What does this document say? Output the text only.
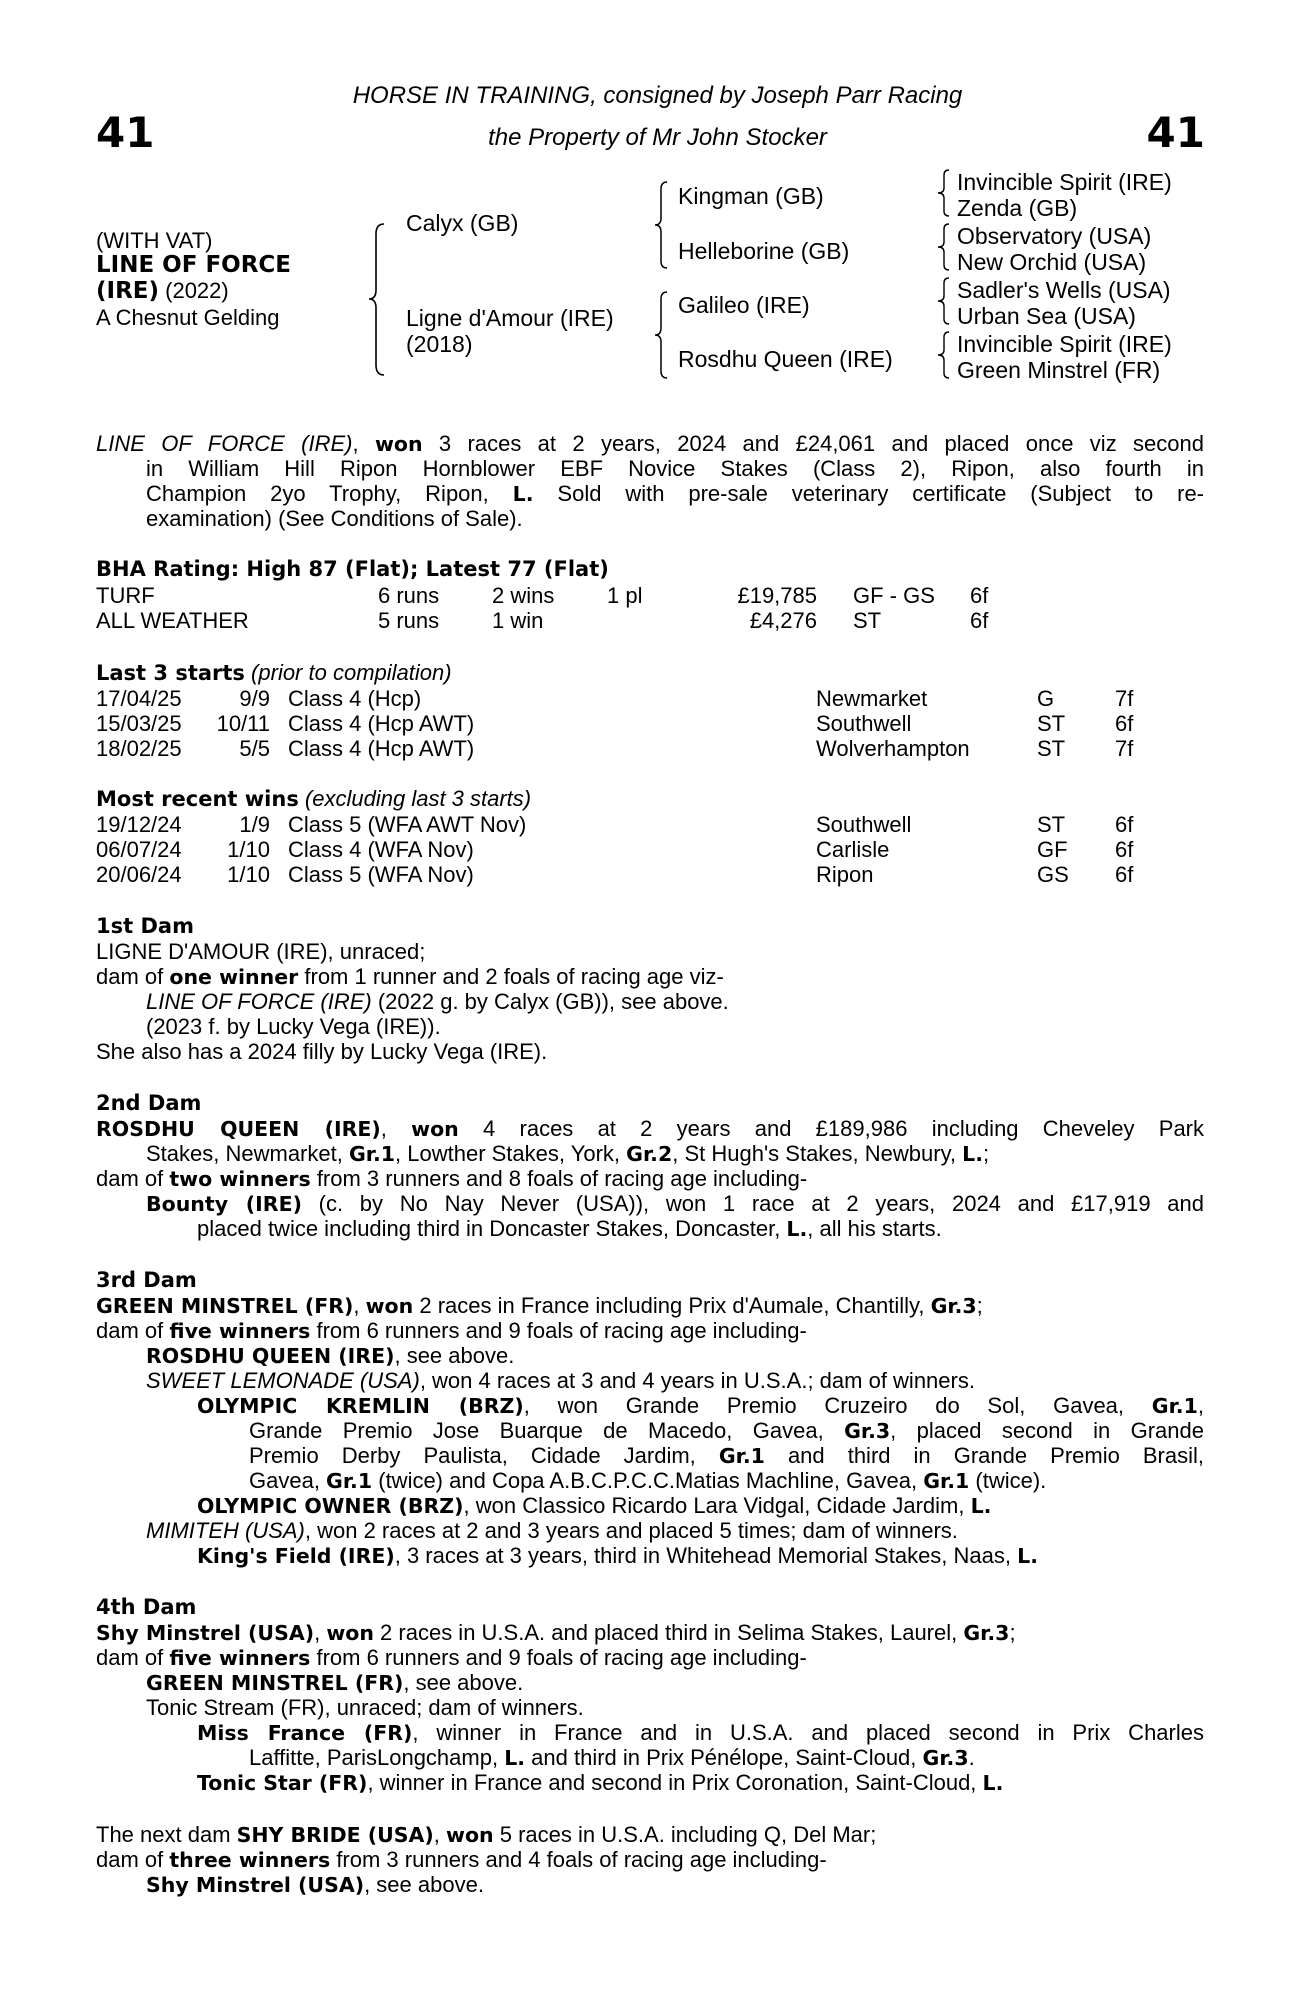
41	41
HORSE IN TRAINING, consigned by Joseph Parr Racing
the Property of Mr John Stocker
(WITH VAT)
LINE OF FORCE
(IRE) (2022)
A Chesnut Gelding
Calyx (GB)
Ligne d'Amour (IRE)
(2018)
Kingman (GB)
Helleborine (GB)
Galileo (IRE)
Rosdhu Queen (IRE)
Invincible Spirit (IRE)
Zenda (GB)
Observatory (USA)
New Orchid (USA)
Sadler's Wells (USA)
Urban Sea (USA)
Invincible Spirit (IRE)
Green Minstrel (FR)
LINE OF FORCE (IRE), won 3 races at 2 years, 2024 and £24,061 and placed once viz second
in William Hill Ripon Hornblower EBF Novice Stakes (Class 2), Ripon, also fourth in
Champion 2yo Trophy, Ripon, L. Sold with pre-sale veterinary certificate (Subject to re-
examination) (See Conditions of Sale).
BHA Rating: High 87 (Flat); Latest 77 (Flat)
TURF	6 runs 2 wins 1 pl	£19,785 GF - GS 6f
ALL WEATHER	5 runs 1 win	£4,276 ST	6f
Last 3 starts (prior to compilation)
17/04/25	9/9 Class 4 (Hcp)	Newmarket	G	7f
15/03/25	10/11 Class 4 (Hcp AWT)	Southwell	ST 6f
18/02/25	5/5 Class 4 (Hcp AWT)	Wolverhampton	ST 7f
Most recent wins (excluding last 3 starts)
19/12/24	1/9 Class 5 (WFA AWT Nov)	Southwell	ST 6f
06/07/24	1/10 Class 4 (WFA Nov)	Carlisle	GF 6f
20/06/24	1/10 Class 5 (WFA Nov)	Ripon	GS 6f
1st Dam
LIGNE D'AMOUR (IRE), unraced;
dam of one winner from 1 runner and 2 foals of racing age viz-
LINE OF FORCE (IRE) (2022 g. by Calyx (GB)), see above.
(2023 f. by Lucky Vega (IRE)).
She also has a 2024 filly by Lucky Vega (IRE).
2nd Dam
ROSDHU QUEEN (IRE), won 4 races at 2 years and £189,986 including Cheveley Park
Stakes, Newmarket, Gr.1, Lowther Stakes, York, Gr.2, St Hugh's Stakes, Newbury, L.;
dam of two winners from 3 runners and 8 foals of racing age including-
Bounty (IRE) (c. by No Nay Never (USA)), won 1 race at 2 years, 2024 and £17,919 and
placed twice including third in Doncaster Stakes, Doncaster, L., all his starts.
3rd Dam
GREEN MINSTREL (FR), won 2 races in France including Prix d'Aumale, Chantilly, Gr.3;
dam of five winners from 6 runners and 9 foals of racing age including-
ROSDHU QUEEN (IRE), see above.
SWEET LEMONADE (USA), won 4 races at 3 and 4 years in U.S.A.; dam of winners.
OLYMPIC KREMLIN (BRZ), won Grande Premio Cruzeiro do Sol, Gavea, Gr.1,
Grande Premio Jose Buarque de Macedo, Gavea, Gr.3, placed second in Grande
Premio Derby Paulista, Cidade Jardim, Gr.1 and third in Grande Premio Brasil,
Gavea, Gr.1 (twice) and Copa A.B.C.P.C.C.Matias Machline, Gavea, Gr.1 (twice).
OLYMPIC OWNER (BRZ), won Classico Ricardo Lara Vidgal, Cidade Jardim, L.
MIMITEH (USA), won 2 races at 2 and 3 years and placed 5 times; dam of winners.
King's Field (IRE), 3 races at 3 years, third in Whitehead Memorial Stakes, Naas, L.
4th Dam
Shy Minstrel (USA), won 2 races in U.S.A. and placed third in Selima Stakes, Laurel, Gr.3;
dam of five winners from 6 runners and 9 foals of racing age including-
GREEN MINSTREL (FR), see above.
Tonic Stream (FR), unraced; dam of winners.
Miss France (FR), winner in France and in U.S.A. and placed second in Prix Charles
Laffitte, ParisLongchamp, L. and third in Prix Pénélope, Saint-Cloud, Gr.3.
Tonic Star (FR), winner in France and second in Prix Coronation, Saint-Cloud, L.
The next dam SHY BRIDE (USA), won 5 races in U.S.A. including Q, Del Mar;
dam of three winners from 3 runners and 4 foals of racing age including-
Shy Minstrel (USA), see above.
